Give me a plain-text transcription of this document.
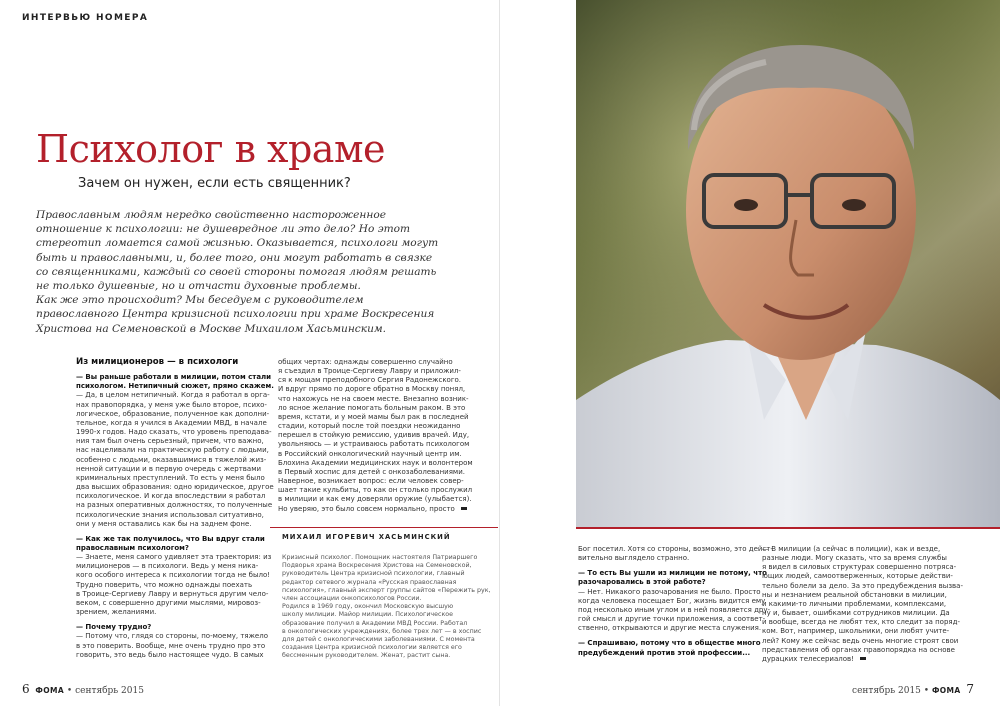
ИНТЕРВЬЮ НОМЕРА
Психолог в храме
Зачем он нужен, если есть священник?
Православным людям нередко свойственно настороженное
отношение к психологии: не душевредное ли это дело? Но этот
стереотип ломается самой жизнью. Оказывается, психологи могут
быть и православными, и, более того, они могут работать в связке
со священниками, каждый со своей стороны помогая людям решать
не только душевные, но и отчасти духовные проблемы.
Как же это происходит? Мы беседуем с руководителем
православного Центра кризисной психологии при храме Воскресения
Христова на Семеновской в Москве Михаилом Хасьминским.
Из милиционеров — в психологи
— Вы раньше работали в милиции, потом стали
психологом. Нетипичный сюжет, прямо скажем.
— Да, в целом нетипичный. Когда я работал в орга-
нах правопорядка, у меня уже было второе, психо-
логическое, образование, полученное как дополни-
тельное, когда я учился в Академии МВД, в начале
1990-х годов. Надо сказать, что уровень преподава-
ния там был очень серьезный, причем, что важно,
нас нацеливали на практическую работу с людьми,
особенно с людьми, оказавшимися в тяжелой жиз-
ненной ситуации и в первую очередь с жертвами
криминальных преступлений. То есть у меня было
два высших образования: одно юридическое, другое
психологическое. И когда впоследствии я работал
на разных оперативных должностях, то полученные
психологические знания использовал ситуативно,
они у меня оставались как бы на заднем фоне.
— Как же так получилось, что Вы вдруг стали
православным психологом?
— Знаете, меня самого удивляет эта траектория: из
милиционеров — в психологи. Ведь у меня ника-
кого особого интереса к психологии тогда не было!
Трудно поверить, что можно однажды поехать
в Троице-Сергиеву Лавру и вернуться другим чело-
веком, с совершенно другими мыслями, мировоз-
зрением, желаниями.
— Почему трудно?
— Потому что, глядя со стороны, по-моему, тяжело
в это поверить. Вообще, мне очень трудно про это
говорить, это ведь было настоящее чудо. В самых
общих чертах: однажды совершенно случайно
я съездил в Троице-Сергиеву Лавру и приложил-
ся к мощам преподобного Сергия Радонежского.
И вдруг прямо по дороге обратно в Москву понял,
что нахожусь не на своем месте. Внезапно возник-
ло ясное желание помогать больным раком. В это
время, кстати, и у моей мамы был рак в последней
стадии, который после той поездки неожиданно
перешел в стойкую ремиссию, удивив врачей. Иду,
увольняюсь — и устраиваюсь работать психологом
в Российский онкологический научный центр им.
Блохина Академии медицинских наук и волонтером
в Первый хоспис для детей с онкозаболеваниями.
Наверное, возникает вопрос: если человек совер-
шает такие кульбиты, то как он столько прослужил
в милиции и как ему доверяли оружие (улыбается).
Но уверяю, это было совсем нормально, просто
МИХАИЛ ИГОРЕВИЧ ХАСЬМИНСКИЙ
Кризисный психолог. Помощник настоятеля Патриаршего
Подворья храма Воскресения Христова на Семеновской,
руководитель Центра кризисной психологии, главный
редактор сетевого журнала «Русская православная
психология», главный эксперт группы сайтов «Пережить рук,
член ассоциации онкопсихологов России.
Родился в 1969 году, окончил Московскую высшую
школу милиции. Майор милиции. Психологическое
образование получил в Академии МВД России. Работал
в онкологических учреждениях, более трех лет — в хоспис
для детей с онкологическими заболеваниями. С момента
создания Центра кризисной психологии является его
бессменным руководителем. Женат, растит сына.
6 ФОМА • сентябрь 2015
Бог посетил. Хотя со стороны, возможно, это дейст-
вительно выглядело странно.
— То есть Вы ушли из милиции не потому, что
разочаровались в этой работе?
— Нет. Никакого разочарования не было. Просто
когда человека посещает Бог, жизнь видится ему
под несколько иным углом и в ней появляется дру-
гой смысл и другие точки приложения, а соответ-
ственно, открываются и другие места служения.
— Спрашиваю, потому что в обществе много
предубеждений против этой профессии...
— В милиции (а сейчас в полиции), как и везде,
разные люди. Могу сказать, что за время службы
я видел в силовых структурах совершенно потряса-
ющих людей, самоотверженных, которые действи-
тельно болели за дело. За это предубеждения вызва-
ны и незнанием реальной обстановки в милиции,
и какими-то личными проблемами, комплексами,
ну и, бывает, ошибками сотрудников милиции. Да
и вообще, всегда не любят тех, кто следит за поряд-
ком. Вот, например, школьники, они любят учите-
лей? Кому же сейчас ведь очень многие строят свои
представления об органах правопорядка на основе
дурацких телесериалов!
сентябрь 2015 • ФОМА 7
